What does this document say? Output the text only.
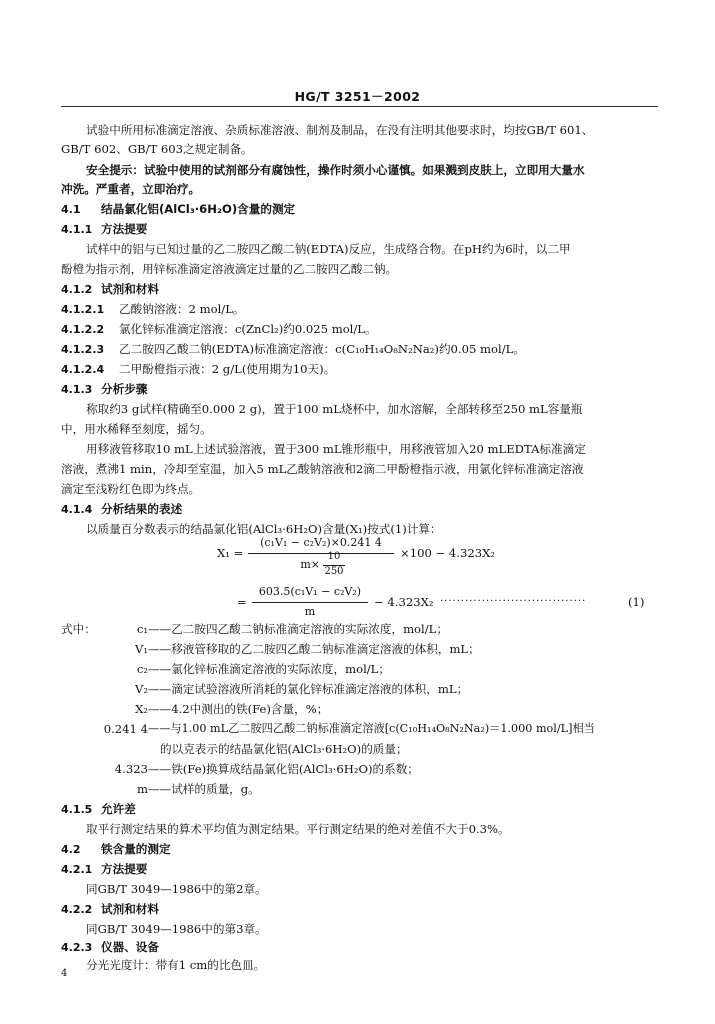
HG/T 3251－2002
试验中所用标准滴定溶液、杂质标准溶液、制剂及制品，在没有注明其他要求时，均按GB/T 601、
GB/T 602、GB/T 603之规定制备。
安全提示：试验中使用的试剂部分有腐蚀性，操作时须小心谨慎。如果溅到皮肤上，立即用大量水
冲洗。严重者，立即治疗。
4.1 结晶氯化铝(AlCl₃·6H₂O)含量的测定
4.1.1 方法提要
试样中的铝与已知过量的乙二胺四乙酸二钠(EDTA)反应，生成络合物。在pH约为6时，以二甲
酚橙为指示剂，用锌标准滴定溶液滴定过量的乙二胺四乙酸二钠。
4.1.2 试剂和材料
4.1.2.1 乙酸钠溶液：2 mol/L。
4.1.2.2 氯化锌标准滴定溶液：c(ZnCl₂)约0.025 mol/L。
4.1.2.3 乙二胺四乙酸二钠(EDTA)标准滴定溶液：c(C₁₀H₁₄O₈N₂Na₂)约0.05 mol/L。
4.1.2.4 二甲酚橙指示液：2 g/L(使用期为10天)。
4.1.3 分析步骤
称取约3 g试样(精确至0.000 2 g)，置于100 mL烧杯中，加水溶解，全部转移至250 mL容量瓶
中，用水稀释至刻度，摇匀。
用移液管移取10 mL上述试验溶液，置于300 mL锥形瓶中，用移液管加入20 mLEDTA标准滴定
溶液，煮沸1 min，冷却至室温，加入5 mL乙酸钠溶液和2滴二甲酚橙指示液，用氯化锌标准滴定溶液
滴定至浅粉红色即为终点。
4.1.4 分析结果的表述
以质量百分数表示的结晶氯化铝(AlCl₃·6H₂O)含量(X₁)按式(1)计算：
X₁ =
(c₁V₁ − c₂V₂)×0.241 4
m×
10
250
×100 − 4.323X₂
=
603.5(c₁V₁ − c₂V₂)
m
− 4.323X₂ ···································	(1)
式中：	c₁ ——乙二胺四乙酸二钠标准滴定溶液的实际浓度，mol/L；
V₁ ——移液管移取的乙二胺四乙酸二钠标准滴定溶液的体积，mL；
c₂ ——氯化锌标准滴定溶液的实际浓度，mol/L；
V₂ ——滴定试验溶液所消耗的氯化锌标准滴定溶液的体积，mL；
X₂ ——4.2中测出的铁(Fe)含量，%；
0.241 4 ——与1.00 mL乙二胺四乙酸二钠标准滴定溶液[c(C₁₀H₁₄O₈N₂Na₂)＝1.000 mol/L]相当
的以克表示的结晶氯化铝(AlCl₃·6H₂O)的质量；
4.323 ——铁(Fe)换算成结晶氯化铝(AlCl₃·6H₂O)的系数；
m ——试样的质量，g。
4.1.5 允许差
取平行测定结果的算术平均值为测定结果。平行测定结果的绝对差值不大于0.3%。
4.2 铁含量的测定
4.2.1 方法提要
同GB/T 3049—1986中的第2章。
4.2.2 试剂和材料
同GB/T 3049—1986中的第3章。
4.2.3 仪器、设备
分光光度计：带有1 cm的比色皿。
4
